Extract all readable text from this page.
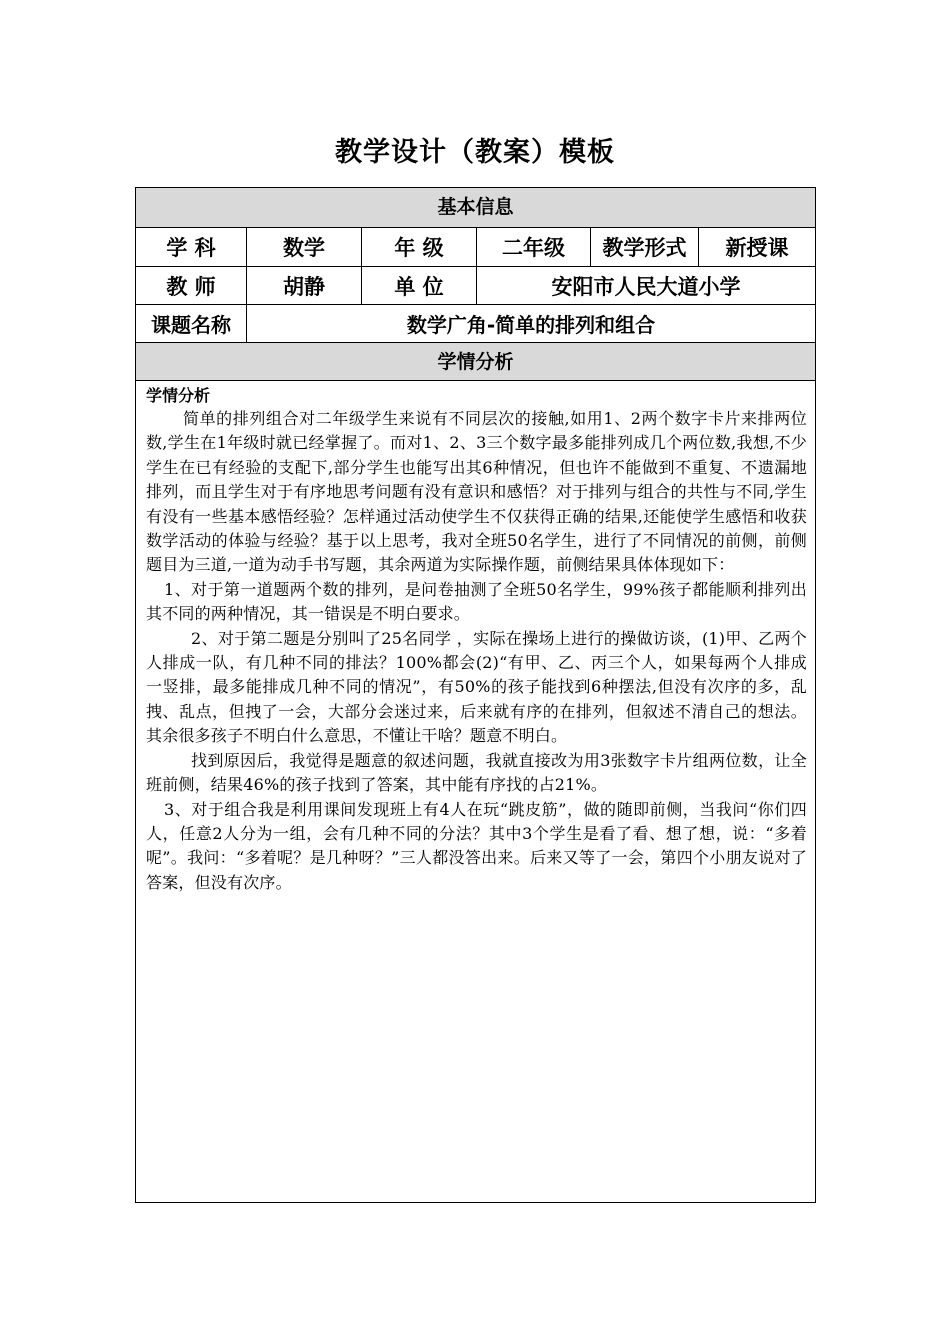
教学设计（教案）模板
基本信息
学 科	数学	年 级	二年级	教学形式	新授课
教 师	胡静	单 位	安阳市人民大道小学
课题名称	数学广角-简单的排列和组合
学情分析
学情分析

简单的排列组合对二年级学生来说有不同层次的接触,如用1、2两个数字卡片来排两位数,学生在1年级时就已经掌握了。而对1、2、3三个数字最多能排列成几个两位数,我想,不少学生在已有经验的支配下,部分学生也能写出其6种情况，但也许不能做到不重复、不遗漏地排列，而且学生对于有序地思考问题有没有意识和感悟？对于排列与组合的共性与不同,学生有没有一些基本感悟经验？怎样通过活动使学生不仅获得正确的结果,还能使学生感悟和收获数学活动的体验与经验？基于以上思考，我对全班50名学生，进行了不同情况的前侧，前侧题目为三道,一道为动手书写题，其余两道为实际操作题，前侧结果具体体现如下：

1、对于第一道题两个数的排列，是问卷抽测了全班50名学生，99%孩子都能顺利排列出其不同的两种情况，其一错误是不明白要求。

2、对于第二题是分别叫了25名同学 ，实际在操场上进行的操做访谈，(1)甲、乙两个人排成一队，有几种不同的排法？100%都会(2)“有甲、乙、丙三个人，如果每两个人排成一竖排，最多能排成几种不同的情况”，有50%的孩子能找到6种摆法,但没有次序的多，乱拽、乱点，但拽了一会，大部分会迷过来，后来就有序的在排列，但叙述不清自己的想法。其余很多孩子不明白什么意思，不懂让干啥？题意不明白。

找到原因后，我觉得是题意的叙述问题，我就直接改为用3张数字卡片组两位数，让全班前侧，结果46%的孩子找到了答案，其中能有序找的占21%。

3、对于组合我是利用课间发现班上有4人在玩“跳皮筋”，做的随即前侧，当我问“你们四人，任意2人分为一组，会有几种不同的分法？其中3个学生是看了看、想了想，说：“多着呢”。我问：“多着呢？是几种呀？”三人都没答出来。后来又等了一会，第四个小朋友说对了答案，但没有次序。
